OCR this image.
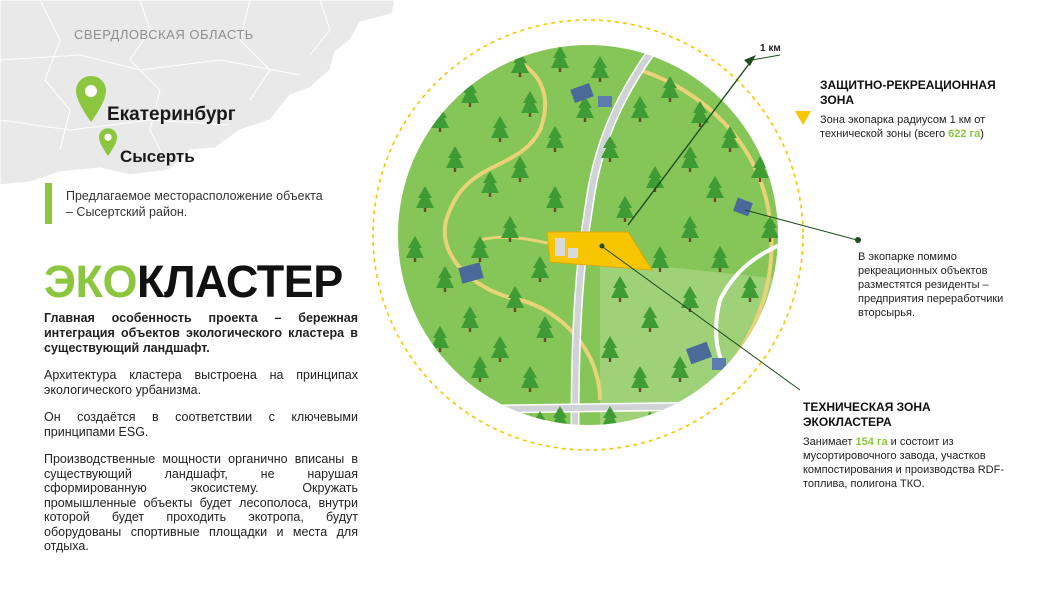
СВЕРДЛОВСКАЯ ОБЛАСТЬ
Екатеринбург
Сысерть
Предлагаемое месторасположение объекта – Сысертский район.
ЭКОКЛАСТЕР
Главная особенность проекта – бережная интеграция объектов экологического кластера в существующий ландшафт.
Архитектура кластера выстроена на принципах экологического урбанизма.
Он создаётся в соответствии с ключевыми принципами ESG.
Производственные мощности органично вписаны в существующий ландшафт, не нарушая сформированную экосистему. Окружать промышленные объекты будет лесополоса, внутри которой будет проходить экотропа, будут оборудованы спортивные площадки и места для отдыха.
1 км
ЗАЩИТНО-РЕКРЕАЦИОННАЯ ЗОНА
Зона экопарка радиусом 1 км от технической зоны (всего 622 га)
В экопарке помимо рекреационных объектов разместятся резиденты – предприятия переработчики вторсырья.
ТЕХНИЧЕСКАЯ ЗОНА ЭКОКЛАСТЕРА
Занимает 154 га и состоит из мусортировочного завода, участков компостирования и производства RDF-топлива, полигона ТКО.
